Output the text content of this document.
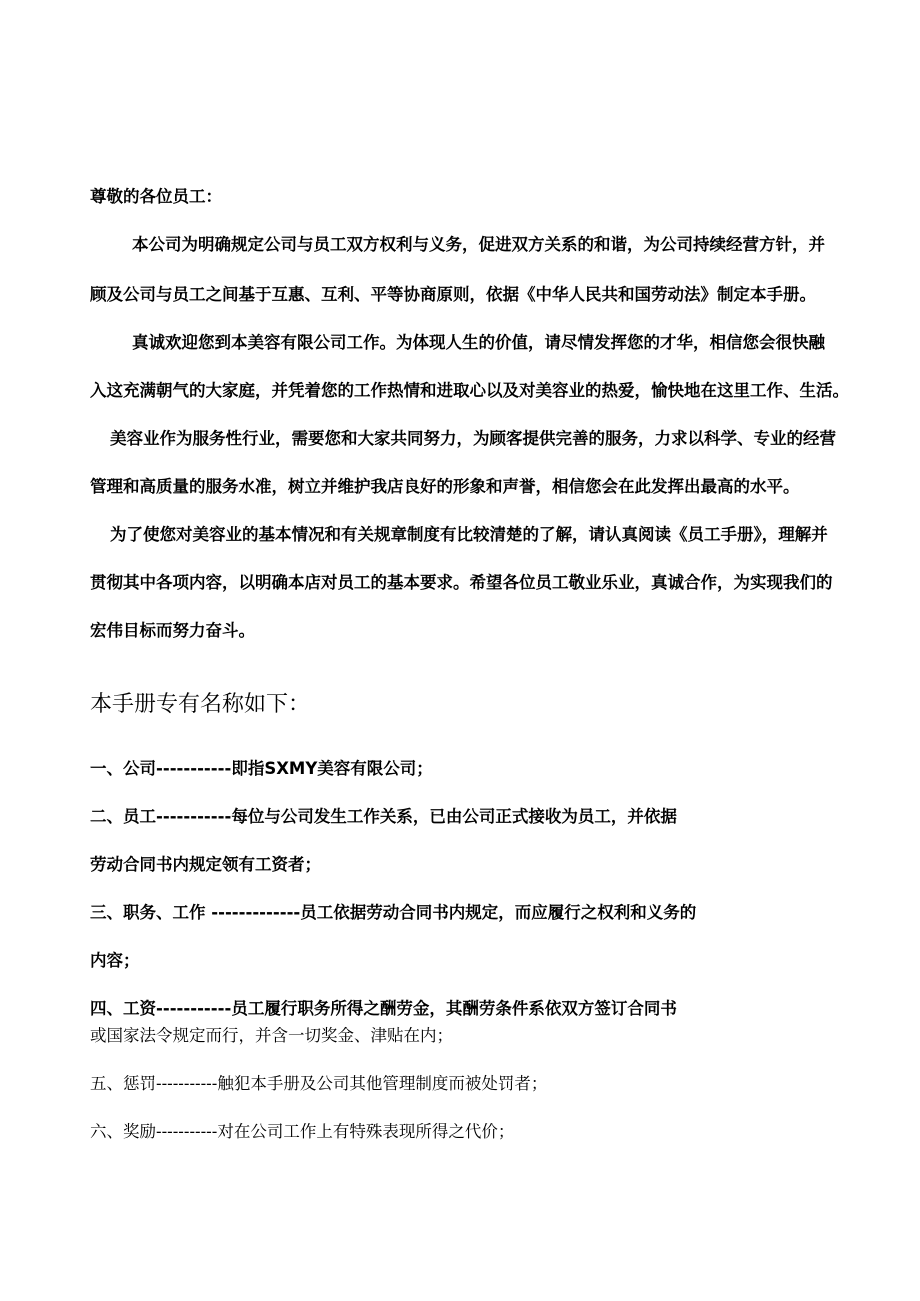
尊敬的各位员工：
本公司为明确规定公司与员工双方权利与义务，促进双方关系的和谐，为公司持续经营方针，并
顾及公司与员工之间基于互惠、互利、平等协商原则，依据《中华人民共和国劳动法》制定本手册。
真诚欢迎您到本美容有限公司工作。为体现人生的价值，请尽情发挥您的才华，相信您会很快融
入这充满朝气的大家庭，并凭着您的工作热情和进取心以及对美容业的热爱，愉快地在这里工作、生活。
美容业作为服务性行业，需要您和大家共同努力，为顾客提供完善的服务，力求以科学、专业的经营
管理和高质量的服务水准，树立并维护我店良好的形象和声誉，相信您会在此发挥出最高的水平。
为了使您对美容业的基本情况和有关规章制度有比较清楚的了解，请认真阅读《员工手册》，理解并
贯彻其中各项内容，以明确本店对员工的基本要求。希望各位员工敬业乐业，真诚合作，为实现我们的
宏伟目标而努力奋斗。
本手册专有名称如下：
一、公司-----------即指SXMY美容有限公司；
二、员工-----------每位与公司发生工作关系，已由公司正式接收为员工，并依据
劳动合同书内规定领有工资者；
三、职务、工作 -------------员工依据劳动合同书内规定，而应履行之权利和义务的
内容；
四、工资-----------员工履行职务所得之酬劳金，其酬劳条件系依双方签订合同书
或国家法令规定而行，并含一切奖金、津贴在内；
五、惩罚-----------触犯本手册及公司其他管理制度而被处罚者；
六、奖励-----------对在公司工作上有特殊表现所得之代价；
